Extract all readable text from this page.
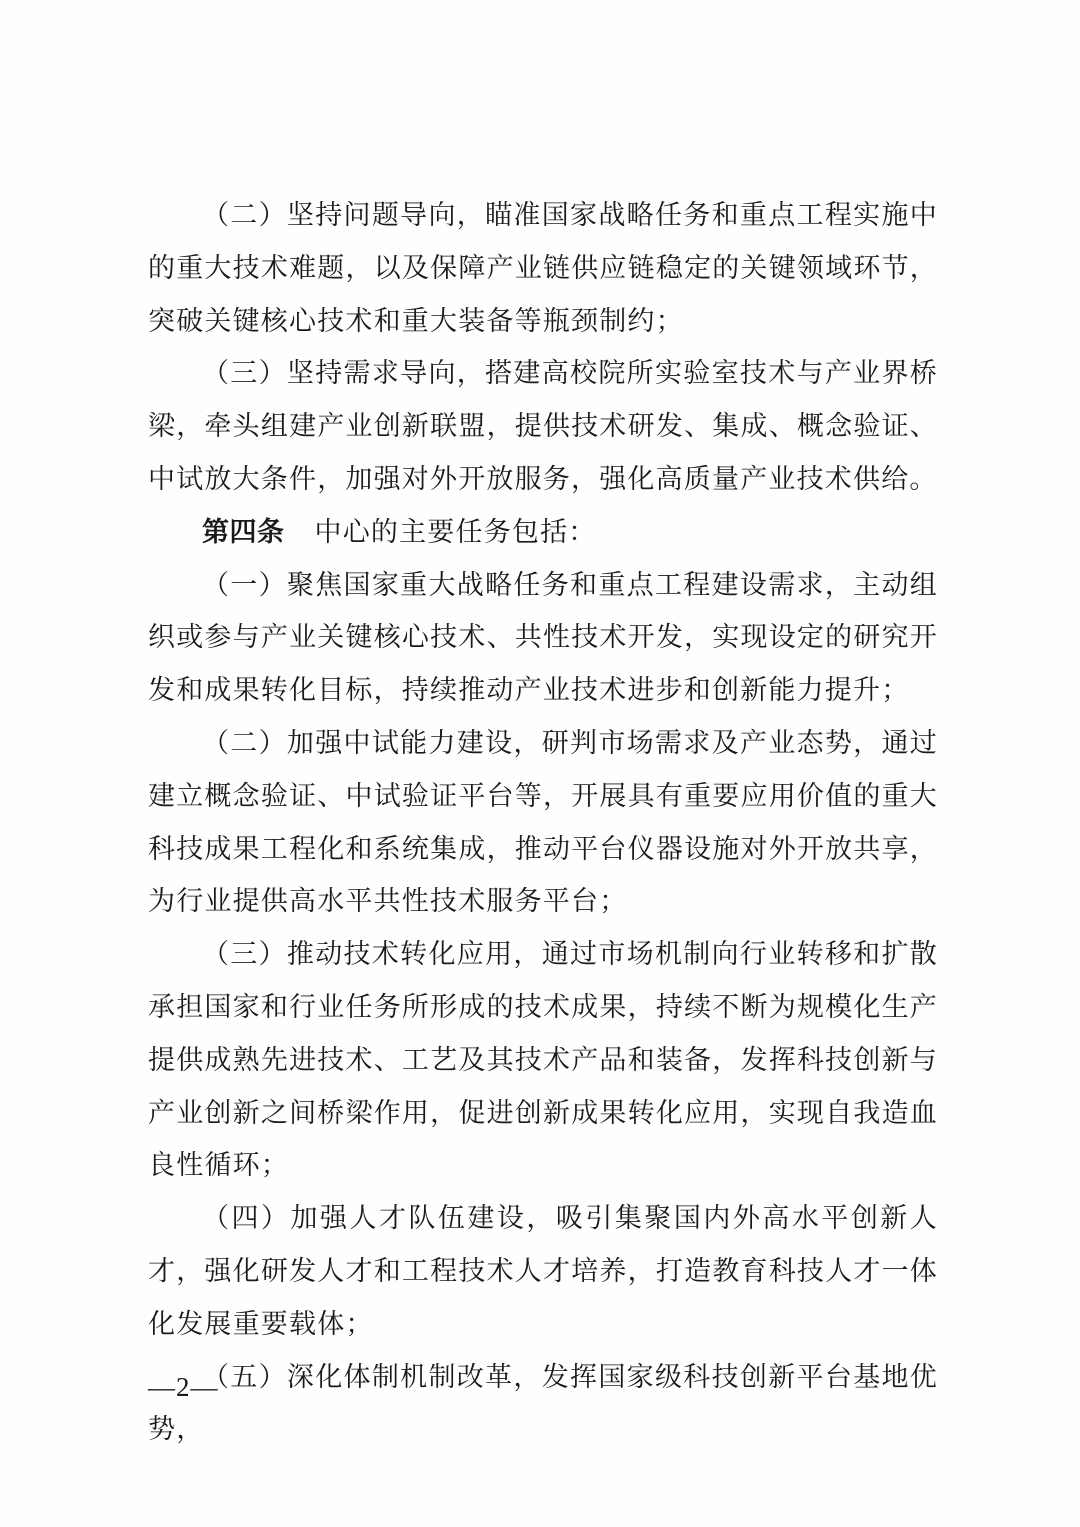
（二）坚持问题导向，瞄准国家战略任务和重点工程实施中的重大技术难题，以及保障产业链供应链稳定的关键领域环节，突破关键核心技术和重大装备等瓶颈制约；

（三）坚持需求导向，搭建高校院所实验室技术与产业界桥梁，牵头组建产业创新联盟，提供技术研发、集成、概念验证、中试放大条件，加强对外开放服务，强化高质量产业技术供给。

第四条 中心的主要任务包括：

（一）聚焦国家重大战略任务和重点工程建设需求，主动组织或参与产业关键核心技术、共性技术开发，实现设定的研究开发和成果转化目标，持续推动产业技术进步和创新能力提升；

（二）加强中试能力建设，研判市场需求及产业态势，通过建立概念验证、中试验证平台等，开展具有重要应用价值的重大科技成果工程化和系统集成，推动平台仪器设施对外开放共享，为行业提供高水平共性技术服务平台；

（三）推动技术转化应用，通过市场机制向行业转移和扩散承担国家和行业任务所形成的技术成果，持续不断为规模化生产提供成熟先进技术、工艺及其技术产品和装备，发挥科技创新与产业创新之间桥梁作用，促进创新成果转化应用，实现自我造血良性循环；

（四）加强人才队伍建设，吸引集聚国内外高水平创新人才，强化研发人才和工程技术人才培养，打造教育科技人才一体化发展重要载体；

（五）深化体制机制改革，发挥国家级科技创新平台基地优势，

—2—
